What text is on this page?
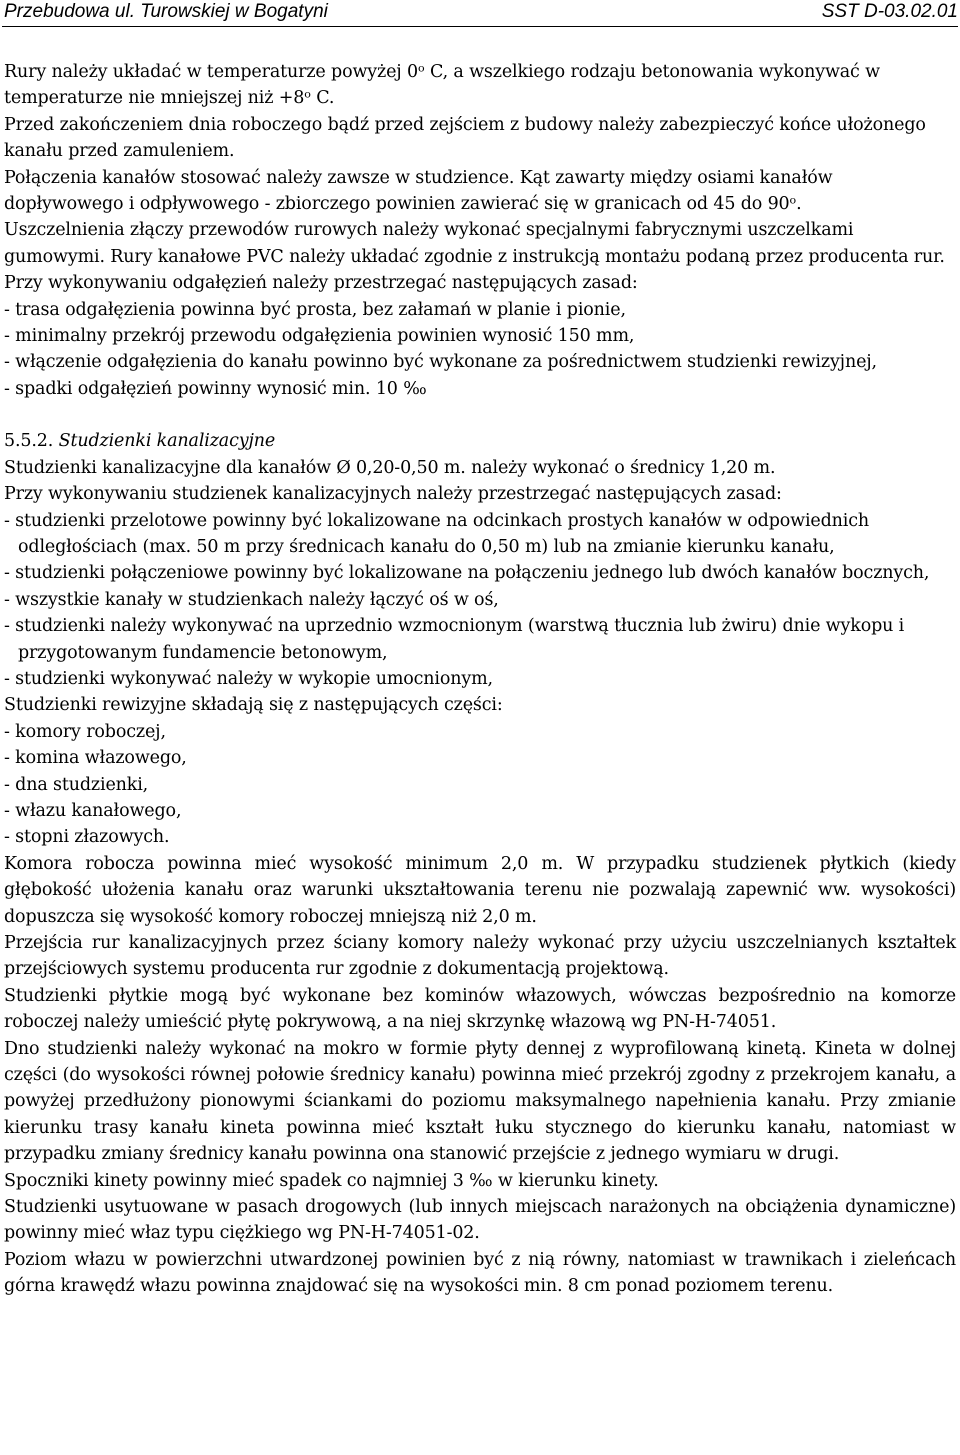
Przebudowa ul. Turowskiej w Bogatyni	SST D-03.02.01

Rury należy układać w temperaturze powyżej 0ᵒ C, a wszelkiego rodzaju betonowania wykonywać w temperaturze nie mniejszej niż +8ᵒ C.

Przed zakończeniem dnia roboczego bądź przed zejściem z budowy należy zabezpieczyć końce ułożonego kanału przed zamuleniem.

Połączenia kanałów stosować należy zawsze w studzience. Kąt zawarty między osiami kanałów dopływowego i odpływowego - zbiorczego powinien zawierać się w granicach od 45 do 90ᵒ.

Uszczelnienia złączy przewodów rurowych należy wykonać specjalnymi fabrycznymi uszczelkami gumowymi. Rury kanałowe PVC należy układać zgodnie z instrukcją montażu podaną przez producenta rur.

Przy wykonywaniu odgałęzień należy przestrzegać następujących zasad:

- trasa odgałęzienia powinna być prosta, bez załamań w planie i pionie,

- minimalny przekrój przewodu odgałęzienia powinien wynosić 150 mm,

- włączenie odgałęzienia do kanału powinno być wykonane za pośrednictwem studzienki rewizyjnej,

- spadki odgałęzień powinny wynosić min. 10 ‰

5.5.2. Studzienki kanalizacyjne

Studzienki kanalizacyjne dla kanałów Ø 0,20-0,50 m. należy wykonać o średnicy 1,20 m.

Przy wykonywaniu studzienek kanalizacyjnych należy przestrzegać następujących zasad:

- studzienki przelotowe powinny być lokalizowane na odcinkach prostych kanałów w odpowiednich odległościach (max. 50 m przy średnicach kanału do 0,50 m) lub na zmianie kierunku kanału,

- studzienki połączeniowe powinny być lokalizowane na połączeniu jednego lub dwóch kanałów bocznych,

- wszystkie kanały w studzienkach należy łączyć oś w oś,

- studzienki należy wykonywać na uprzednio wzmocnionym (warstwą tłucznia lub żwiru) dnie wykopu i przygotowanym fundamencie betonowym,

- studzienki wykonywać należy w wykopie umocnionym,

Studzienki rewizyjne składają się z następujących części:

- komory roboczej,

- komina włazowego,

- dna studzienki,

- włazu kanałowego,

- stopni złazowych.

Komora robocza powinna mieć wysokość minimum 2,0 m. W przypadku studzienek płytkich (kiedy głębokość ułożenia kanału oraz warunki ukształtowania terenu nie pozwalają zapewnić ww. wysokości) dopuszcza się wysokość komory roboczej mniejszą niż 2,0 m.

Przejścia rur kanalizacyjnych przez ściany komory należy wykonać przy użyciu uszczelnianych kształtek przejściowych systemu producenta rur zgodnie z dokumentacją projektową.

Studzienki płytkie mogą być wykonane bez kominów włazowych, wówczas bezpośrednio na komorze roboczej należy umieścić płytę pokrywową, a na niej skrzynkę włazową wg PN-H-74051.

Dno studzienki należy wykonać na mokro w formie płyty dennej z wyprofilowaną kinetą. Kineta w dolnej części (do wysokości równej połowie średnicy kanału) powinna mieć przekrój zgodny z przekrojem kanału, a powyżej przedłużony pionowymi ściankami do poziomu maksymalnego napełnienia kanału. Przy zmianie kierunku trasy kanału kineta powinna mieć kształt łuku stycznego do kierunku kanału, natomiast w przypadku zmiany średnicy kanału powinna ona stanowić przejście z jednego wymiaru w drugi.

Spoczniki kinety powinny mieć spadek co najmniej 3 ‰ w kierunku kinety.

Studzienki usytuowane w pasach drogowych (lub innych miejscach narażonych na obciążenia dynamiczne) powinny mieć właz typu ciężkiego wg PN-H-74051-02.

Poziom włazu w powierzchni utwardzonej powinien być z nią równy, natomiast w trawnikach i zieleńcach górna krawędź włazu powinna znajdować się na wysokości min. 8 cm ponad poziomem terenu.
